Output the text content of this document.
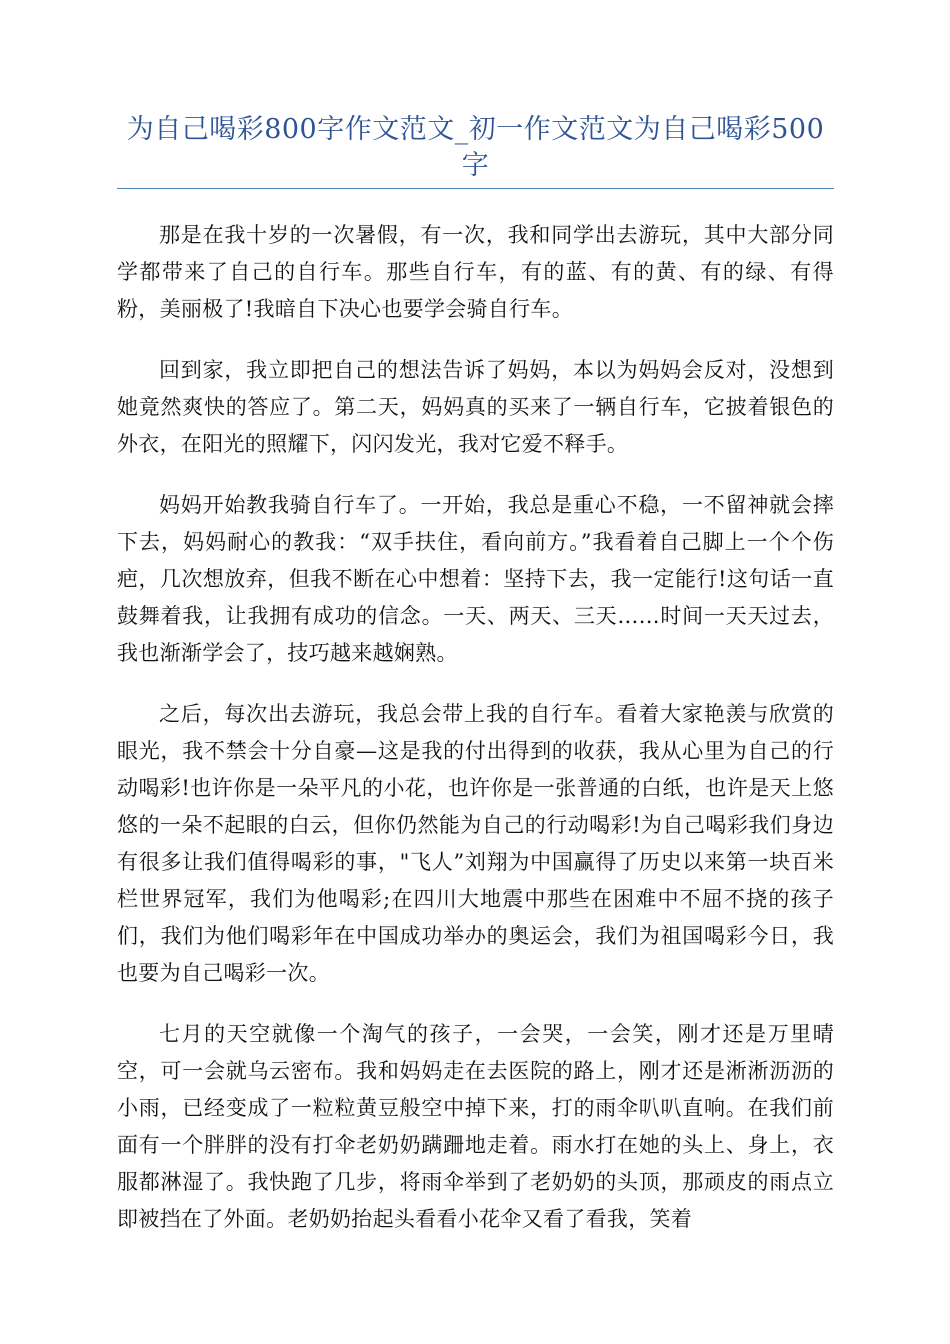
为自己喝彩800字作文范文_初一作文范文为自己喝彩500字

那是在我十岁的一次暑假，有一次，我和同学出去游玩，其中大部分同学都带来了自己的自行车。那些自行车，有的蓝、有的黄、有的绿、有得粉，美丽极了!我暗自下决心也要学会骑自行车。

回到家，我立即把自己的想法告诉了妈妈，本以为妈妈会反对，没想到她竟然爽快的答应了。第二天，妈妈真的买来了一辆自行车，它披着银色的外衣，在阳光的照耀下，闪闪发光，我对它爱不释手。

妈妈开始教我骑自行车了。一开始，我总是重心不稳，一不留神就会摔下去，妈妈耐心的教我：“双手扶住，看向前方。”我看着自己脚上一个个伤疤，几次想放弃，但我不断在心中想着：坚持下去，我一定能行!这句话一直鼓舞着我，让我拥有成功的信念。一天、两天、三天……时间一天天过去，我也渐渐学会了，技巧越来越娴熟。

之后，每次出去游玩，我总会带上我的自行车。看着大家艳羡与欣赏的眼光，我不禁会十分自豪—这是我的付出得到的收获，我从心里为自己的行动喝彩!也许你是一朵平凡的小花，也许你是一张普通的白纸，也许是天上悠悠的一朵不起眼的白云，但你仍然能为自己的行动喝彩!为自己喝彩我们身边有很多让我们值得喝彩的事，"飞人”刘翔为中国赢得了历史以来第一块百米栏世界冠军，我们为他喝彩;在四川大地震中那些在困难中不屈不挠的孩子们，我们为他们喝彩年在中国成功举办的奥运会，我们为祖国喝彩今日，我也要为自己喝彩一次。

七月的天空就像一个淘气的孩子，一会哭，一会笑，刚才还是万里晴空，可一会就乌云密布。我和妈妈走在去医院的路上，刚才还是淅淅沥沥的小雨，已经变成了一粒粒黄豆般空中掉下来，打的雨伞叭叭直响。在我们前面有一个胖胖的没有打伞老奶奶蹒跚地走着。雨水打在她的头上、身上，衣服都淋湿了。我快跑了几步，将雨伞举到了老奶奶的头顶，那顽皮的雨点立即被挡在了外面。老奶奶抬起头看看小花伞又看了看我，笑着
